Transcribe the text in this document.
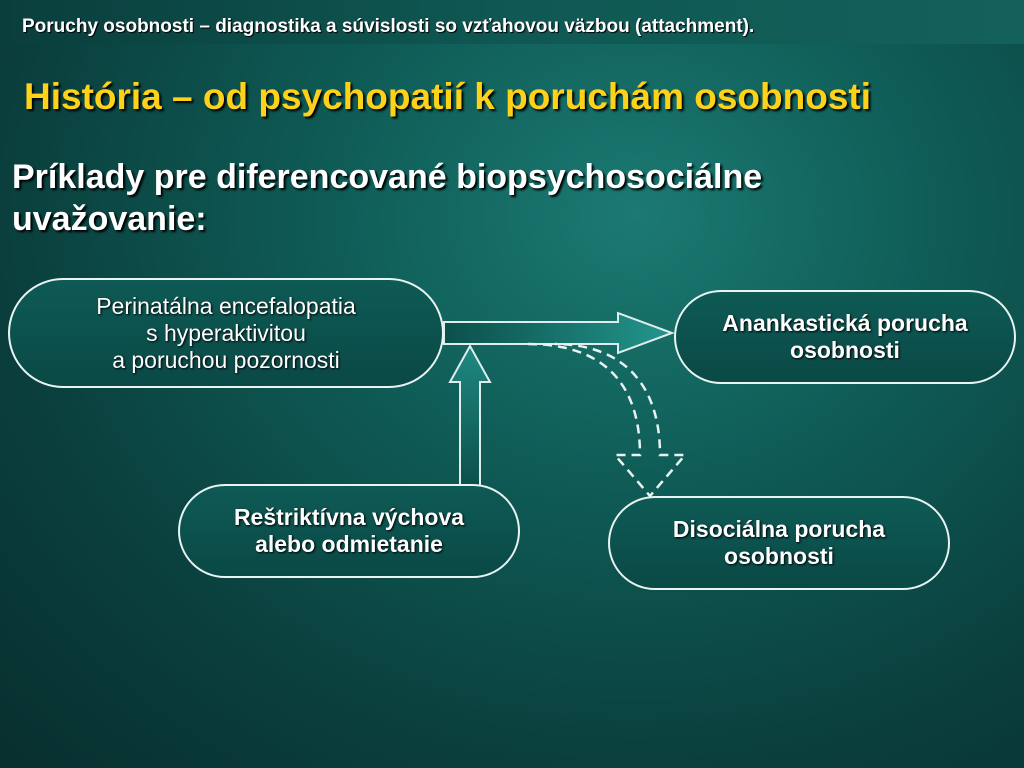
Poruchy osobnosti – diagnostika a súvislosti so vzťahovou väzbou (attachment).
História – od psychopatií k poruchám osobnosti
Príklady pre diferencované biopsychosociálne
uvažovanie:
Perinatálna encefalopatia
s hyperaktivitou
a poruchou pozornosti
Anankastická porucha
osobnosti
Reštriktívna výchova
alebo odmietanie
Disociálna porucha
osobnosti
